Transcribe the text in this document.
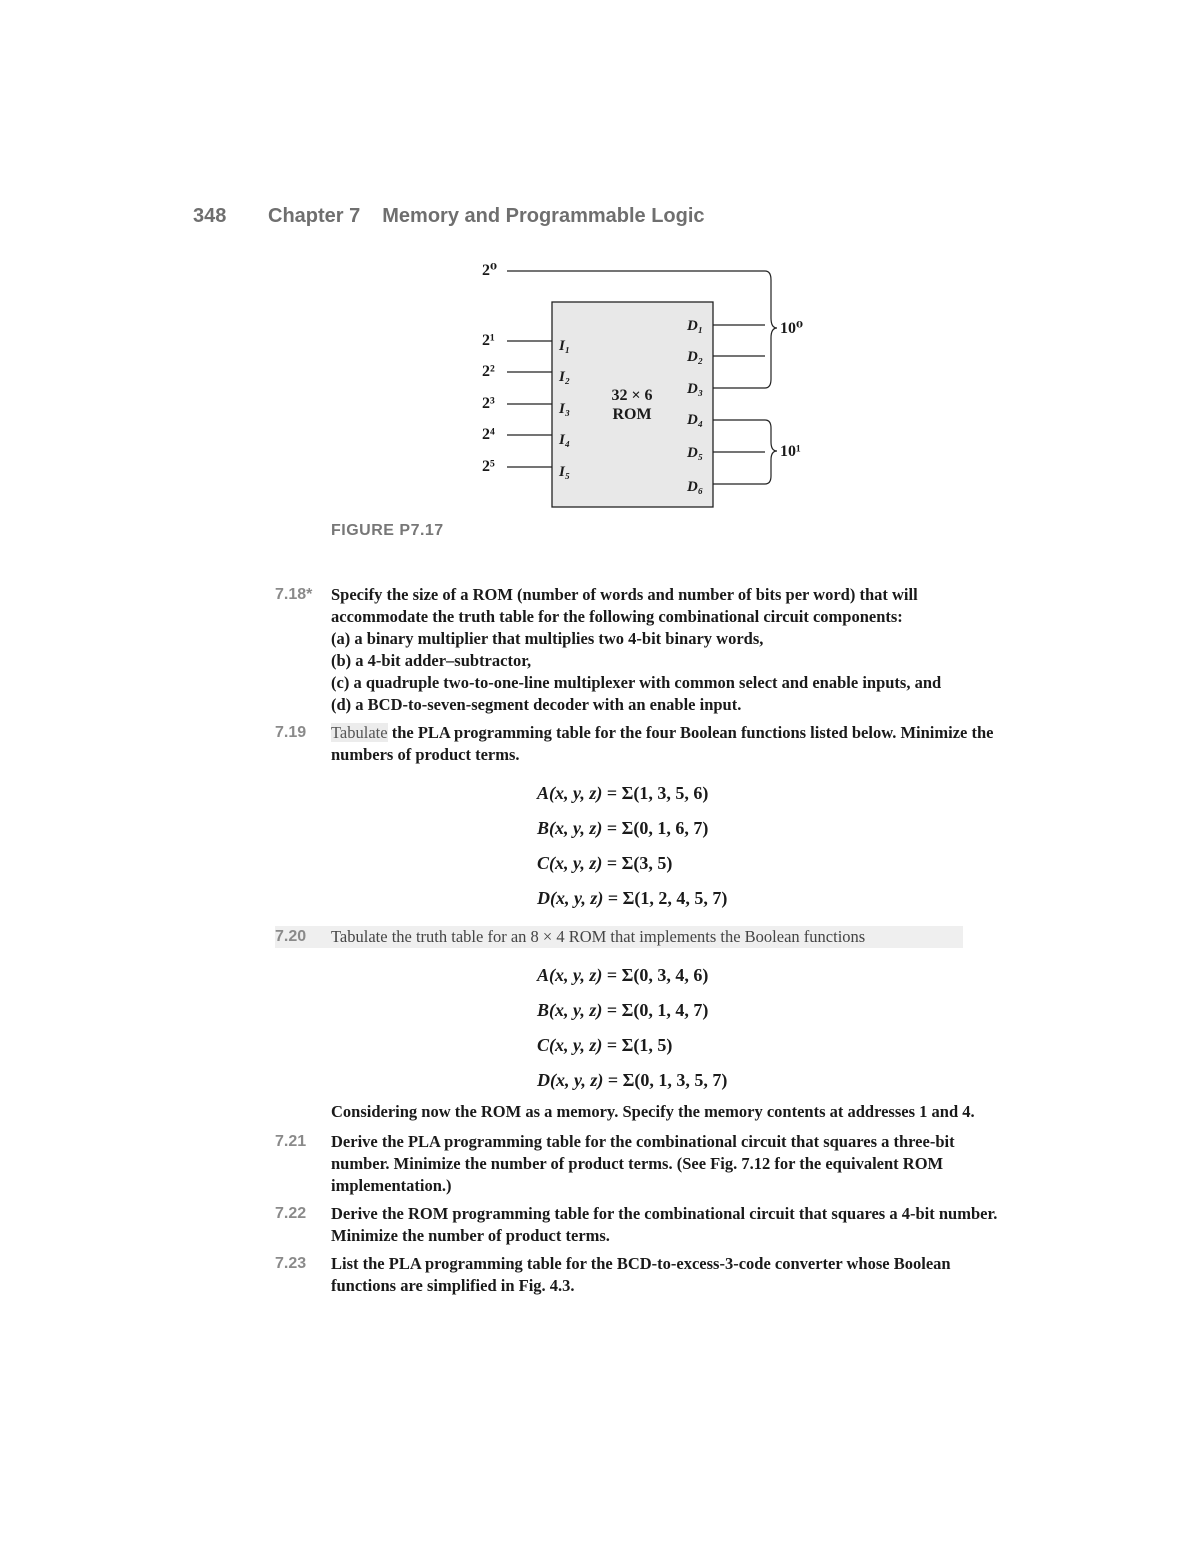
348 Chapter 7 Memory and Programmable Logic
32 × 6
ROM
2⁰
2¹
2²
2³
2⁴
2⁵
I₁
I₂
I₃
I₄
I₅
D₁
D₂
D₃
D₄
D₅
D₆
10⁰
10¹
FIGURE P7.17
7.18*	Specify the size of a ROM (number of words and number of bits per word) that will accommodate the truth table for the following combinational circuit components:
(a) a binary multiplier that multiplies two 4-bit binary words,
(b) a 4-bit adder–subtractor,
(c) a quadruple two-to-one-line multiplexer with common select and enable inputs, and
(d) a BCD-to-seven-segment decoder with an enable input.
7.19	Tabulate the PLA programming table for the four Boolean functions listed below. Minimize the numbers of product terms.
A(x, y, z) = Σ(1, 3, 5, 6)
B(x, y, z) = Σ(0, 1, 6, 7)
C(x, y, z) = Σ(3, 5)
D(x, y, z) = Σ(1, 2, 4, 5, 7)
7.20	Tabulate the truth table for an 8 × 4 ROM that implements the Boolean functions
A(x, y, z) = Σ(0, 3, 4, 6)
B(x, y, z) = Σ(0, 1, 4, 7)
C(x, y, z) = Σ(1, 5)
D(x, y, z) = Σ(0, 1, 3, 5, 7)
Considering now the ROM as a memory. Specify the memory contents at addresses 1 and 4.
7.21	Derive the PLA programming table for the combinational circuit that squares a three-bit number. Minimize the number of product terms. (See Fig. 7.12 for the equivalent ROM implementation.)
7.22	Derive the ROM programming table for the combinational circuit that squares a 4-bit number. Minimize the number of product terms.
7.23	List the PLA programming table for the BCD-to-excess-3-code converter whose Boolean functions are simplified in Fig. 4.3.
